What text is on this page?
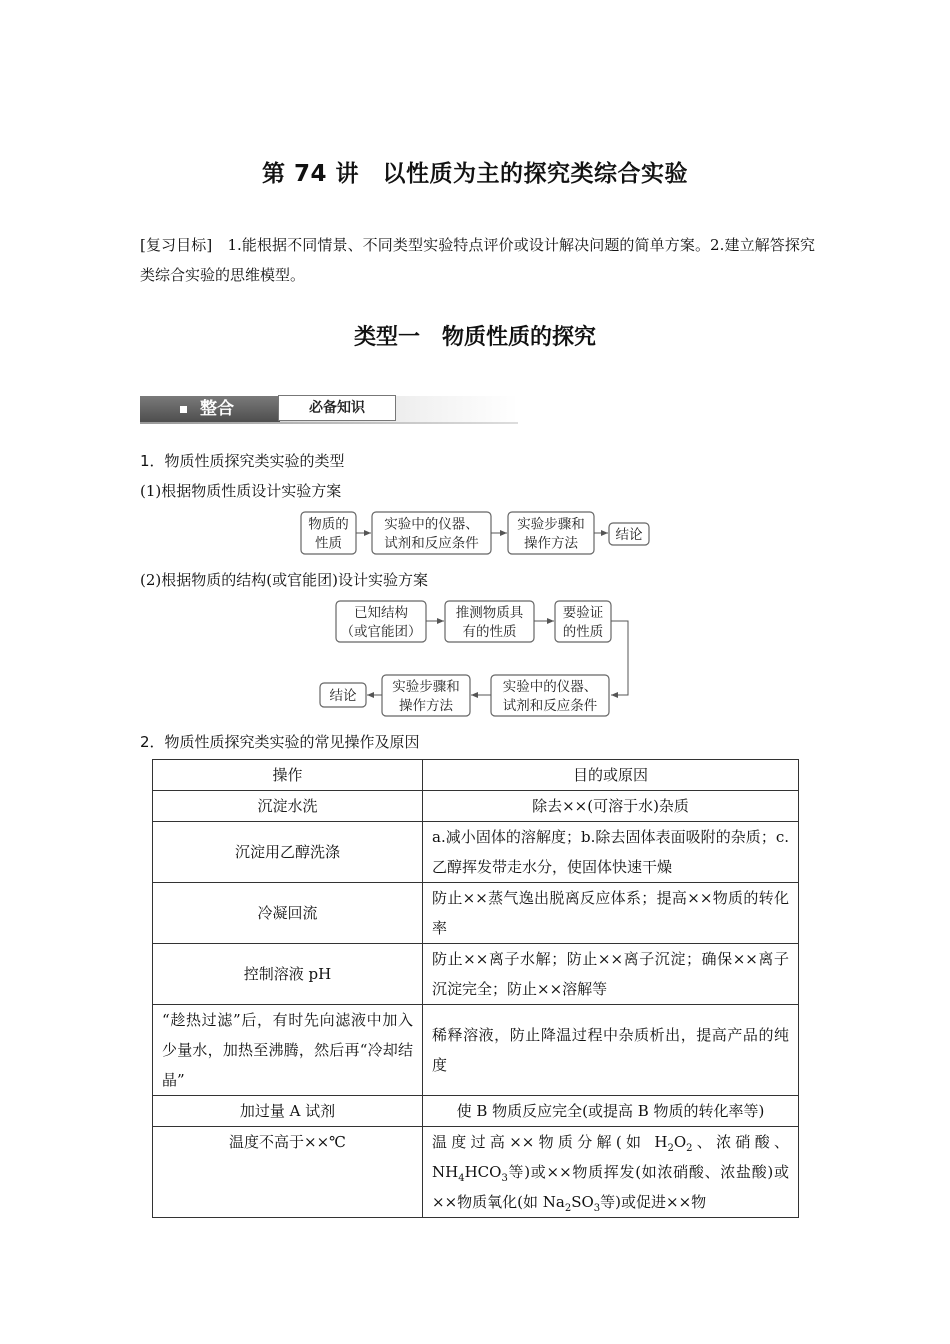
第 74 讲　以性质为主的探究类综合实验
[复习目标]　1.能根据不同情景、不同类型实验特点评价或设计解决问题的简单方案。2.建立解答探究类综合实验的思维模型。
类型一　物质性质的探究
整合	必备知识
1．物质性质探究类实验的类型
(1)根据物质性质设计实验方案
物质的
性质
实验中的仪器、
试剂和反应条件
实验步骤和
操作方法
结论
已知结构
（或官能团）
推测物质具
有的性质
要验证
的性质
实验中的仪器、
试剂和反应条件
实验步骤和
操作方法
结论
(2)根据物质的结构(或官能团)设计实验方案
2．物质性质探究类实验的常见操作及原因
操作	目的或原因
沉淀水洗	除去××(可溶于水)杂质
沉淀用乙醇洗涤	a.减小固体的溶解度；b.除去固体表面吸附的杂质；c.乙醇挥发带走水分，使固体快速干燥
冷凝回流	防止××蒸气逸出脱离反应体系；提高××物质的转化率
控制溶液 pH	防止××离子水解；防止××离子沉淀；确保××离子沉淀完全；防止××溶解等
“趁热过滤”后，有时先向滤液中加入少量水，加热至沸腾，然后再“冷却结晶”	稀释溶液，防止降温过程中杂质析出，提高产品的纯度
加过量 A 试剂	使 B 物质反应完全(或提高 B 物质的转化率等)
温度不高于××℃	温度过高××物质分解(如 $H_2O_2$、浓硝酸、$NH_4HCO_3$等)或××物质挥发(如浓硝酸、浓盐酸)或××物质氧化(如 $Na_2SO_3$等)或促进××物
